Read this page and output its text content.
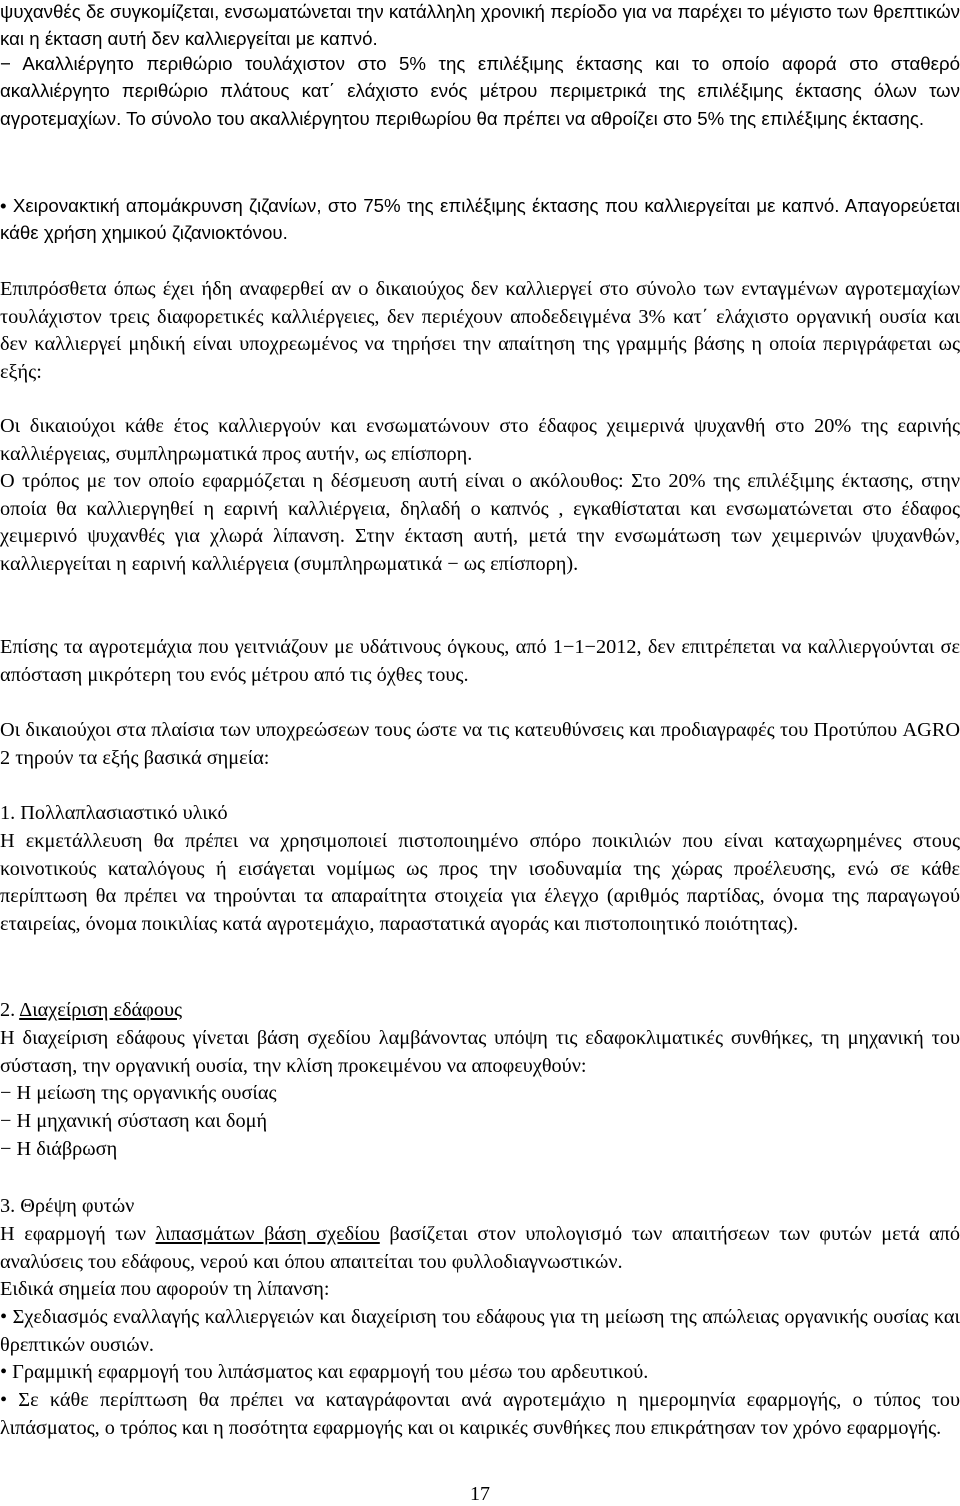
ψυχανθές δε συγκομίζεται, ενσωματώνεται την κατάλληλη χρονική περίοδο για να παρέχει το μέγιστο των θρεπτικών και η έκταση αυτή δεν καλλιεργείται με καπνό.

− Ακαλλιέργητο περιθώριο τουλάχιστον στο 5% της επιλέξιμης έκτασης και το οποίο αφορά στο σταθερό ακαλλιέργητο περιθώριο πλάτους κατ΄ ελάχιστο ενός μέτρου περιμετρικά της επιλέξιμης έκτασης όλων των αγροτεμαχίων. Το σύνολο του ακαλλιέργητου περιθωρίου θα πρέπει να αθροίζει στο 5% της επιλέξιμης έκτασης.

• Χειρονακτική απομάκρυνση ζιζανίων, στο 75% της επιλέξιμης έκτασης που καλλιεργείται με καπνό. Απαγορεύεται κάθε χρήση χημικού ζιζανιοκτόνου.

Επιπρόσθετα όπως έχει ήδη αναφερθεί αν ο δικαιούχος δεν καλλιεργεί στο σύνολο των ενταγμένων αγροτεμαχίων τουλάχιστον τρεις διαφορετικές καλλιέργειες, δεν περιέχουν αποδεδειγμένα 3% κατ΄ ελάχιστο οργανική ουσία και δεν καλλιεργεί μηδική είναι υποχρεωμένος να τηρήσει την απαίτηση της γραμμής βάσης η οποία περιγράφεται ως εξής:

Οι δικαιούχοι κάθε έτος καλλιεργούν και ενσωματώνουν στο έδαφος χειμερινά ψυχανθή στο 20% της εαρινής καλλιέργειας, συμπληρωματικά προς αυτήν, ως επίσπορη.

Ο τρόπος με τον οποίο εφαρμόζεται η δέσμευση αυτή είναι ο ακόλουθος: Στο 20% της επιλέξιμης έκτασης, στην οποία θα καλλιεργηθεί η εαρινή καλλιέργεια, δηλαδή ο καπνός , εγκαθίσταται και ενσωματώνεται στο έδαφος χειμερινό ψυχανθές για χλωρά λίπανση. Στην έκταση αυτή, μετά την ενσωμάτωση των χειμερινών ψυχανθών, καλλιεργείται η εαρινή καλλιέργεια (συμπληρωματικά − ως επίσπορη).

Επίσης τα αγροτεμάχια που γειτνιάζουν με υδάτινους όγκους, από 1−1−2012, δεν επιτρέπεται να καλλιεργούνται σε απόσταση μικρότερη του ενός μέτρου από τις όχθες τους.

Οι δικαιούχοι στα πλαίσια των υποχρεώσεων τους ώστε να τις κατευθύνσεις και προδιαγραφές του Προτύπου AGRO 2 τηρούν τα εξής βασικά σημεία:

1. Πολλαπλασιαστικό υλικό

Η εκμετάλλευση θα πρέπει να χρησιμοποιεί πιστοποιημένο σπόρο ποικιλιών που είναι καταχωρημένες στους κοινοτικούς καταλόγους ή εισάγεται νομίμως ως προς την ισοδυναμία της χώρας προέλευσης, ενώ σε κάθε περίπτωση θα πρέπει να τηρούνται τα απαραίτητα στοιχεία για έλεγχο (αριθμός παρτίδας, όνομα της παραγωγού εταιρείας, όνομα ποικιλίας κατά αγροτεμάχιο, παραστατικά αγοράς και πιστοποιητικό ποιότητας).

2. Διαχείριση εδάφους

Η διαχείριση εδάφους γίνεται βάση σχεδίου λαμβάνοντας υπόψη τις εδαφοκλιματικές συνθήκες, τη μηχανική του σύσταση, την οργανική ουσία, την κλίση προκειμένου να αποφευχθούν:

− Η μείωση της οργανικής ουσίας

− Η μηχανική σύσταση και δομή

− Η διάβρωση

3. Θρέψη φυτών

Η εφαρμογή των λιπασμάτων βάση σχεδίου βασίζεται στον υπολογισμό των απαιτήσεων των φυτών μετά από αναλύσεις του εδάφους, νερού και όπου απαιτείται του φυλλοδιαγνωστικών.

Ειδικά σημεία που αφορούν τη λίπανση:

• Σχεδιασμός εναλλαγής καλλιεργειών και διαχείριση του εδάφους για τη μείωση της απώλειας οργανικής ουσίας και θρεπτικών ουσιών.

• Γραμμική εφαρμογή του λιπάσματος και εφαρμογή του μέσω του αρδευτικού.

• Σε κάθε περίπτωση θα πρέπει να καταγράφονται ανά αγροτεμάχιο η ημερομηνία εφαρμογής, ο τύπος του λιπάσματος, ο τρόπος και η ποσότητα εφαρμογής και οι καιρικές συνθήκες που επικράτησαν τον χρόνο εφαρμογής.

17
